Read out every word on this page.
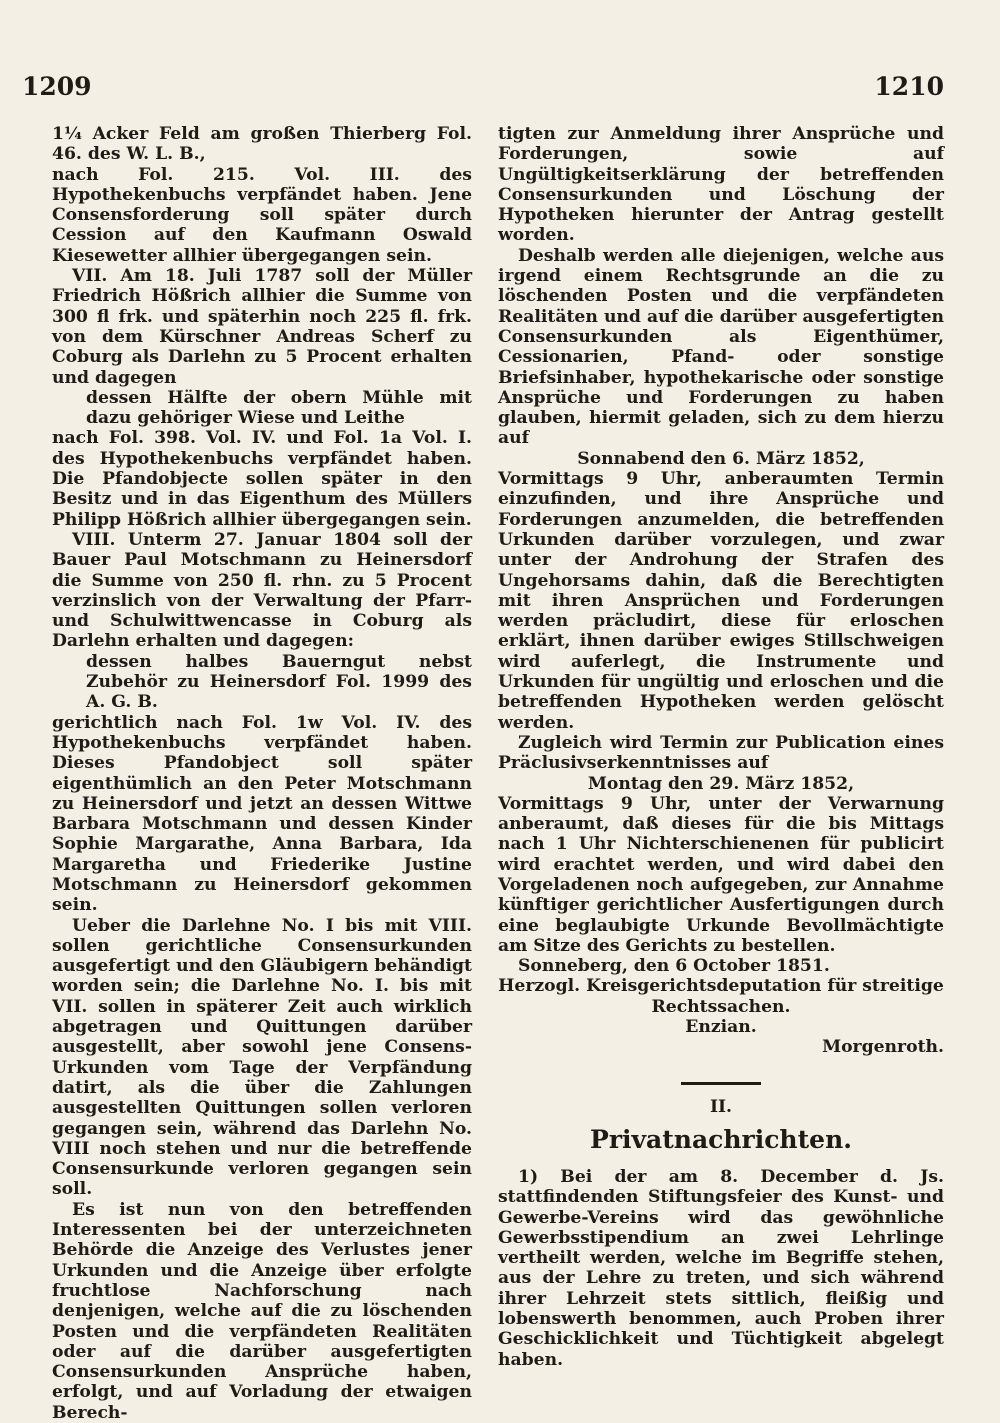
1209	1210

1¼ Acker Feld am großen Thierberg Fol. 46. des W. L. B.,

nach Fol. 215. Vol. III. des Hypothekenbuchs verpfändet haben. Jene Consensforderung soll später durch Cession auf den Kaufmann Oswald Kiesewetter allhier übergegangen sein.

VII. Am 18. Juli 1787 soll der Müller Friedrich Hößrich allhier die Summe von 300 fl frk. und späterhin noch 225 fl. frk. von dem Kürschner Andreas Scherf zu Coburg als Darlehn zu 5 Procent erhalten und dagegen

dessen Hälfte der obern Mühle mit dazu gehöriger Wiese und Leithe

nach Fol. 398. Vol. IV. und Fol. 1a Vol. I. des Hypothekenbuchs verpfändet haben. Die Pfandobjecte sollen später in den Besitz und in das Eigenthum des Müllers Philipp Hößrich allhier übergegangen sein.

VIII. Unterm 27. Januar 1804 soll der Bauer Paul Motschmann zu Heinersdorf die Summe von 250 fl. rhn. zu 5 Procent verzinslich von der Verwaltung der Pfarr- und Schulwittwencasse in Coburg als Darlehn erhalten und dagegen:

dessen halbes Bauerngut nebst Zubehör zu Heinersdorf Fol. 1999 des A. G. B.

gerichtlich nach Fol. 1w Vol. IV. des Hypothekenbuchs verpfändet haben. Dieses Pfandobject soll später eigenthümlich an den Peter Motschmann zu Heinersdorf und jetzt an dessen Wittwe Barbara Motschmann und dessen Kinder Sophie Margarathe, Anna Barbara, Ida Margaretha und Friederike Justine Motschmann zu Heinersdorf gekommen sein.

Ueber die Darlehne No. I bis mit VIII. sollen gerichtliche Consensurkunden ausgefertigt und den Gläubigern behändigt worden sein; die Darlehne No. I. bis mit VII. sollen in späterer Zeit auch wirklich abgetragen und Quittungen darüber ausgestellt, aber sowohl jene Consens-Urkunden vom Tage der Verpfändung datirt, als die über die Zahlungen ausgestellten Quittungen sollen verloren gegangen sein, während das Darlehn No. VIII noch stehen und nur die betreffende Consensurkunde verloren gegangen sein soll.

Es ist nun von den betreffenden Interessenten bei der unterzeichneten Behörde die Anzeige des Verlustes jener Urkunden und die Anzeige über erfolgte fruchtlose Nachforschung nach denjenigen, welche auf die zu löschenden Posten und die verpfändeten Realitäten oder auf die darüber ausgefertigten Consensurkunden Ansprüche haben, erfolgt, und auf Vorladung der etwaigen Berech-

tigten zur Anmeldung ihrer Ansprüche und Forderungen, sowie auf Ungültigkeitserklärung der betreffenden Consensurkunden und Löschung der Hypotheken hierunter der Antrag gestellt worden.

Deshalb werden alle diejenigen, welche aus irgend einem Rechtsgrunde an die zu löschenden Posten und die verpfändeten Realitäten und auf die darüber ausgefertigten Consensurkunden als Eigenthümer, Cessionarien, Pfand- oder sonstige Briefsinhaber, hypothekarische oder sonstige Ansprüche und Forderungen zu haben glauben, hiermit geladen, sich zu dem hierzu auf

Sonnabend den 6. März 1852,

Vormittags 9 Uhr, anberaumten Termin einzufinden, und ihre Ansprüche und Forderungen anzumelden, die betreffenden Urkunden darüber vorzulegen, und zwar unter der Androhung der Strafen des Ungehorsams dahin, daß die Berechtigten mit ihren Ansprüchen und Forderungen werden präcludirt, diese für erloschen erklärt, ihnen darüber ewiges Stillschweigen wird auferlegt, die Instrumente und Urkunden für ungültig und erloschen und die betreffenden Hypotheken werden gelöscht werden.

Zugleich wird Termin zur Publication eines Präclusivserkenntnisses auf

Montag den 29. März 1852,

Vormittags 9 Uhr, unter der Verwarnung anberaumt, daß dieses für die bis Mittags nach 1 Uhr Nichterschienenen für publicirt wird erachtet werden, und wird dabei den Vorgeladenen noch aufgegeben, zur Annahme künftiger gerichtlicher Ausfertigungen durch eine beglaubigte Urkunde Bevollmächtigte am Sitze des Gerichts zu bestellen.

Sonneberg, den 6 October 1851.

Herzogl. Kreisgerichtsdeputation für streitige Rechtssachen.

Enzian.

Morgenroth.

II.
Privatnachrichten.

1) Bei der am 8. December d. Js. stattfindenden Stiftungsfeier des Kunst- und Gewerbe-Vereins wird das gewöhnliche Gewerbsstipendium an zwei Lehrlinge vertheilt werden, welche im Begriffe stehen, aus der Lehre zu treten, und sich während ihrer Lehrzeit stets sittlich, fleißig und lobenswerth benommen, auch Proben ihrer Geschicklichkeit und Tüchtigkeit abgelegt haben.
